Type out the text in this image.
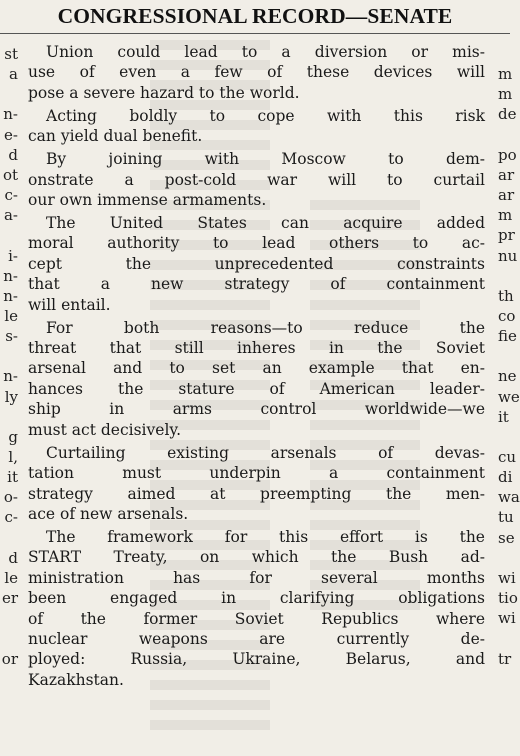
CONGRESSIONAL RECORD—SENATE
st
a
n-
e-
d
ot
c-
a-
i-
n-
n-
le
s-
n-
ly
g
l,
it
o-
c-
d
le
er
or
m
m
de
po
ar
ar
m
pr
nu
th
co
fie
ne
we
it
cu
di
wa
tu
se
wi
tio
wi
tr
Union could lead to a diversion or mis-
use of even a few of these devices will
pose a severe hazard to the world.
Acting boldly to cope with this risk
can yield dual benefit.
By joining with Moscow to dem-
onstrate a post-cold war will to curtail
our own immense armaments.
The United States can acquire added
moral authority to lead others to ac-
cept the unprecedented constraints
that a new strategy of containment
will entail.
For both reasons—to reduce the
threat that still inheres in the Soviet
arsenal and to set an example that en-
hances the stature of American leader-
ship in arms control worldwide—we
must act decisively.
Curtailing existing arsenals of devas-
tation must underpin a containment
strategy aimed at preempting the men-
ace of new arsenals.
The framework for this effort is the
START Treaty, on which the Bush ad-
ministration has for several months
been engaged in clarifying obligations
of the former Soviet Republics where
nuclear weapons are currently de-
ployed: Russia, Ukraine, Belarus, and
Kazakhstan.
